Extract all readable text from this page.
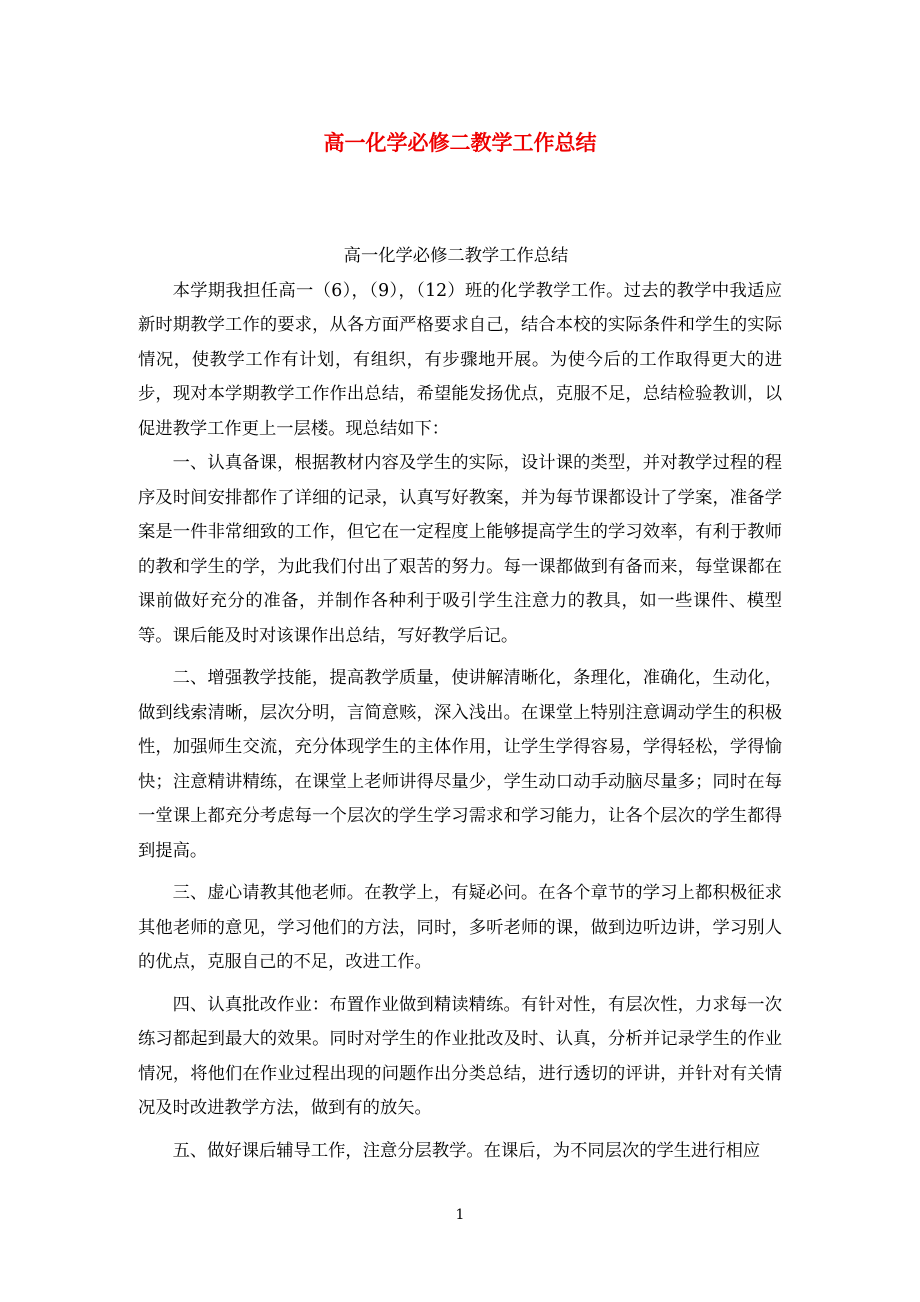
高一化学必修二教学工作总结

高一化学必修二教学工作总结

本学期我担任高一（6），（9），（12）班的化学教学工作。过去的教学中我适应新时期教学工作的要求，从各方面严格要求自己，结合本校的实际条件和学生的实际情况，使教学工作有计划，有组织，有步骤地开展。为使今后的工作取得更大的进步，现对本学期教学工作作出总结，希望能发扬优点，克服不足，总结检验教训，以促进教学工作更上一层楼。现总结如下：

一、认真备课，根据教材内容及学生的实际，设计课的类型，并对教学过程的程序及时间安排都作了详细的记录，认真写好教案，并为每节课都设计了学案，准备学案是一件非常细致的工作，但它在一定程度上能够提高学生的学习效率，有利于教师的教和学生的学，为此我们付出了艰苦的努力。每一课都做到有备而来，每堂课都在课前做好充分的准备，并制作各种利于吸引学生注意力的教具，如一些课件、模型等。课后能及时对该课作出总结，写好教学后记。

二、增强教学技能，提高教学质量，使讲解清晰化，条理化，准确化，生动化，做到线索清晰，层次分明，言简意赅，深入浅出。在课堂上特别注意调动学生的积极性，加强师生交流，充分体现学生的主体作用，让学生学得容易，学得轻松，学得愉快；注意精讲精练，在课堂上老师讲得尽量少，学生动口动手动脑尽量多；同时在每一堂课上都充分考虑每一个层次的学生学习需求和学习能力，让各个层次的学生都得到提高。

三、虚心请教其他老师。在教学上，有疑必问。在各个章节的学习上都积极征求其他老师的意见，学习他们的方法，同时，多听老师的课，做到边听边讲，学习别人的优点，克服自己的不足，改进工作。

四、认真批改作业：布置作业做到精读精练。有针对性，有层次性，力求每一次练习都起到最大的效果。同时对学生的作业批改及时、认真，分析并记录学生的作业情况，将他们在作业过程出现的问题作出分类总结，进行透切的评讲，并针对有关情况及时改进教学方法，做到有的放矢。

五、做好课后辅导工作，注意分层教学。在课后，为不同层次的学生进行相应

1
